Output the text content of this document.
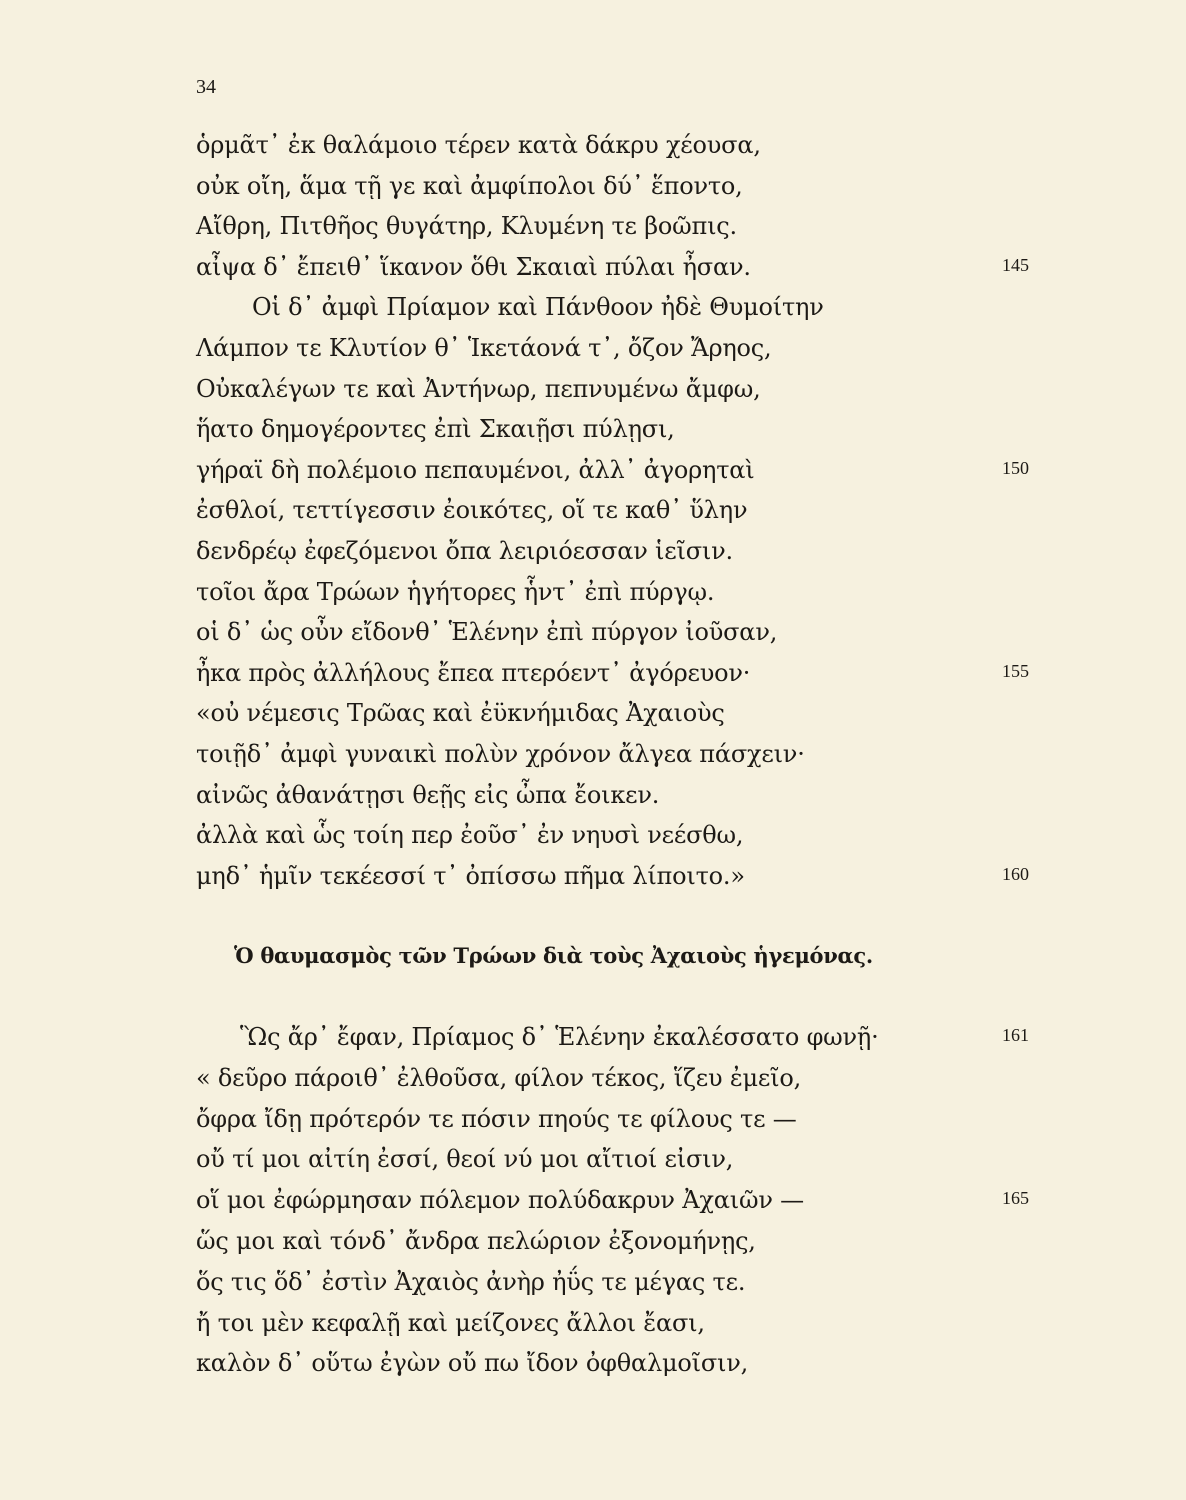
34
ὁρμᾶτ᾽ ἐκ θαλάμοιο τέρεν κατὰ δάκρυ χέουσα,
οὐκ οἴη, ἅμα τῇ γε καὶ ἀμφίπολοι δύ᾽ ἕποντο,
Αἴθρη, Πιτθῆος θυγάτηρ, Κλυμένη τε βοῶπις.
αἶψα δ᾽ ἔπειθ᾽ ἵκανον ὅθι Σκαιαὶ πύλαι ἦσαν.	145
Οἱ δ᾽ ἀμφὶ Πρίαμον καὶ Πάνθοον ἠδὲ Θυμοίτην
Λάμπον τε Κλυτίον θ᾽ Ἱκετάονά τ᾽, ὄζον Ἄρηος,
Οὐκαλέγων τε καὶ Ἀντήνωρ, πεπνυμένω ἄμφω,
ἥατο δημογέροντες ἐπὶ Σκαιῇσι πύλῃσι,
γήραϊ δὴ πολέμοιο πεπαυμένοι, ἀλλ᾽ ἀγορηταὶ	150
ἐσθλοί, τεττίγεσσιν ἐοικότες, οἵ τε καθ᾽ ὕλην
δενδρέῳ ἐφεζόμενοι ὄπα λειριόεσσαν ἱεῖσιν.
τοῖοι ἄρα Τρώων ἡγήτορες ἧντ᾽ ἐπὶ πύργῳ.
οἱ δ᾽ ὡς οὖν εἴδονθ᾽ Ἑλένην ἐπὶ πύργον ἰοῦσαν,
ἦκα πρὸς ἀλλήλους ἔπεα πτερόεντ᾽ ἀγόρευον·	155
«οὐ νέμεσις Τρῶας καὶ ἐϋκνήμιδας Ἀχαιοὺς
τοιῇδ᾽ ἀμφὶ γυναικὶ πολὺν χρόνον ἄλγεα πάσχειν·
αἰνῶς ἀθανάτῃσι θεῇς εἰς ὦπα ἔοικεν.
ἀλλὰ καὶ ὧς τοίη περ ἐοῦσ᾽ ἐν νηυσὶ νεέσθω,
μηδ᾽ ἡμῖν τεκέεσσί τ᾽ ὀπίσσω πῆμα λίποιτο.»	160
Ὁ θαυμασμὸς τῶν Τρώων διὰ τοὺς Ἀχαιοὺς ἡγεμόνας.
Ὣς ἄρ᾽ ἔφαν, Πρίαμος δ᾽ Ἑλένην ἐκαλέσσατο φωνῇ·	161
« δεῦρο πάροιθ᾽ ἐλθοῦσα, φίλον τέκος, ἵζευ ἐμεῖο,
ὄφρα ἴδῃ πρότερόν τε πόσιν πηούς τε φίλους τε —
οὔ τί μοι αἰτίη ἐσσί, θεοί νύ μοι αἴτιοί εἰσιν,
οἵ μοι ἐφώρμησαν πόλεμον πολύδακρυν Ἀχαιῶν —	165
ὥς μοι καὶ τόνδ᾽ ἄνδρα πελώριον ἐξονομήνῃς,
ὅς τις ὅδ᾽ ἐστὶν Ἀχαιὸς ἀνὴρ ἠΰς τε μέγας τε.
ἤ τοι μὲν κεφαλῇ καὶ μείζονες ἄλλοι ἔασι,
καλὸν δ᾽ οὕτω ἐγὼν οὔ πω ἴδον ὀφθαλμοῖσιν,
